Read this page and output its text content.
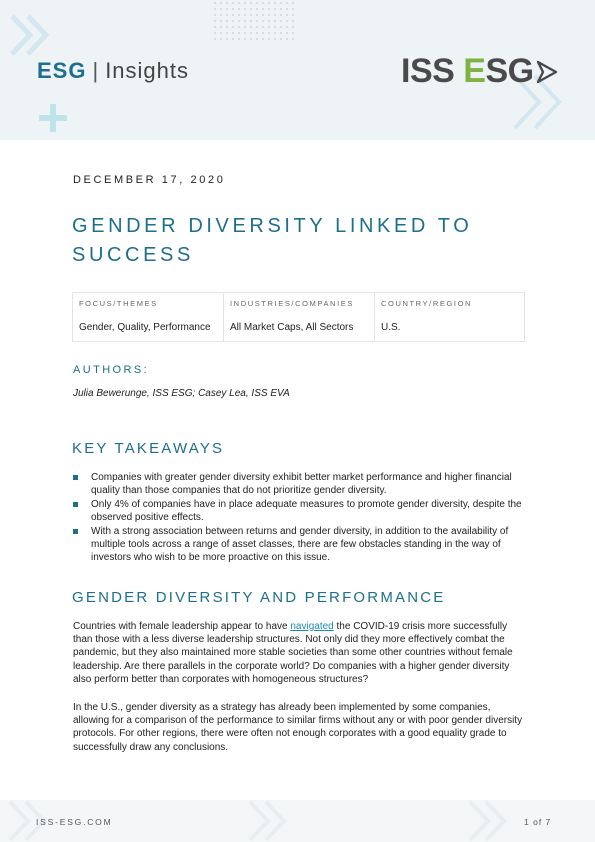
ESG | Insights	ISS ESG
DECEMBER 17, 2020
GENDER DIVERSITY LINKED TO SUCCESS
FOCUS/THEMES
Gender, Quality, Performance
INDUSTRIES/COMPANIES
All Market Caps, All Sectors
COUNTRY/REGION
U.S.
AUTHORS:
Julia Bewerunge, ISS ESG; Casey Lea, ISS EVA
KEY TAKEAWAYS
Companies with greater gender diversity exhibit better market performance and higher financial quality than those companies that do not prioritize gender diversity.
Only 4% of companies have in place adequate measures to promote gender diversity, despite the observed positive effects.
With a strong association between returns and gender diversity, in addition to the availability of multiple tools across a range of asset classes, there are few obstacles standing in the way of investors who wish to be more proactive on this issue.
GENDER DIVERSITY AND PERFORMANCE

Countries with female leadership appear to have navigated the COVID-19 crisis more successfully than those with a less diverse leadership structures. Not only did they more effectively combat the pandemic, but they also maintained more stable societies than some other countries without female leadership. Are there parallels in the corporate world? Do companies with a higher gender diversity also perform better than corporates with homogeneous structures?

In the U.S., gender diversity as a strategy has already been implemented by some companies, allowing for a comparison of the performance to similar firms without any or with poor gender diversity protocols. For other regions, there were often not enough corporates with a good equality grade to successfully draw any conclusions.

ISS-ESG.COM	1 of 7
